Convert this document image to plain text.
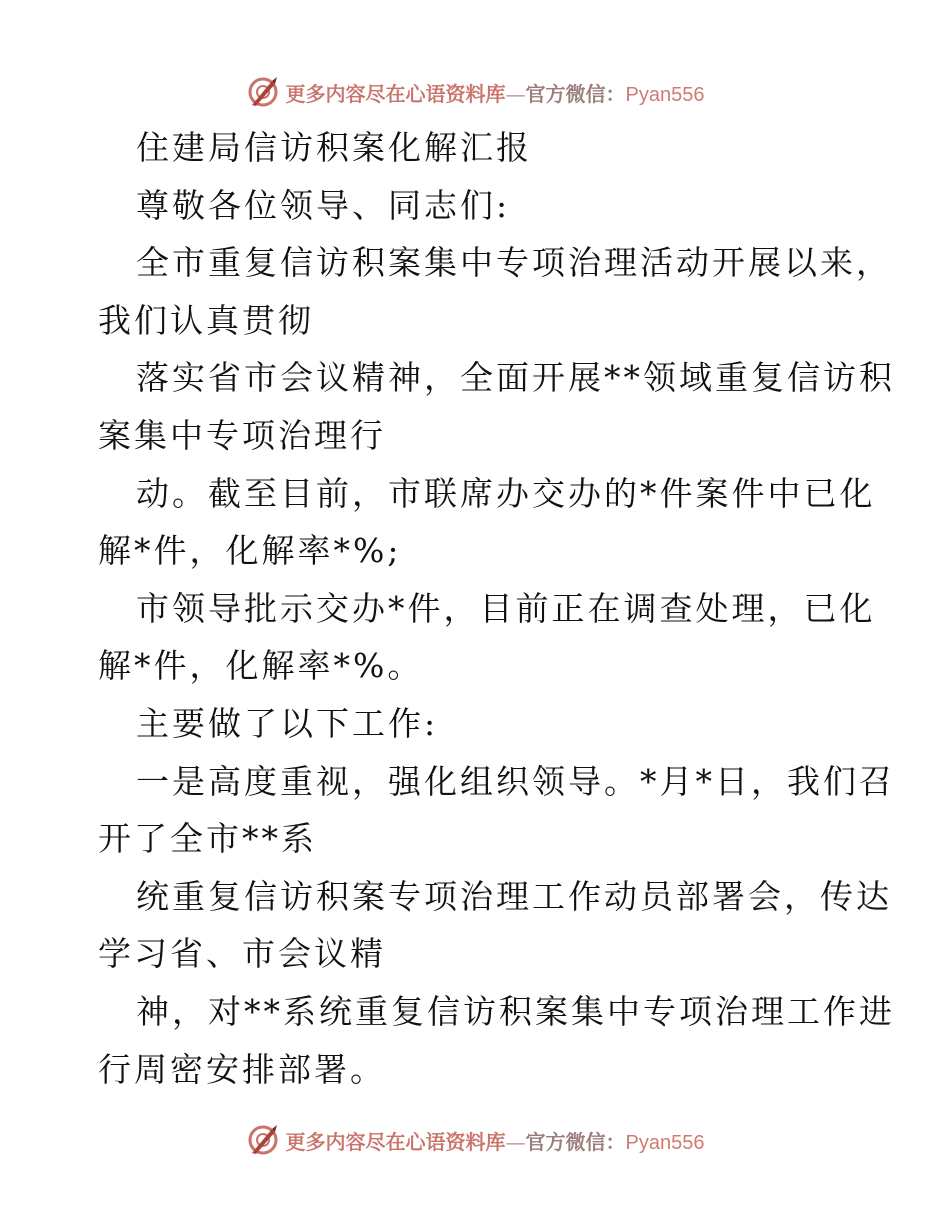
更多内容尽在心语资料库—官方微信：Pyan556
住建局信访积案化解汇报
尊敬各位领导、同志们:
全市重复信访积案集中专项治理活动开展以来，
我们认真贯彻
落实省市会议精神，全面开展**领域重复信访积
案集中专项治理行
动。截至目前，市联席办交办的*件案件中已化
解*件，化解率*%;
市领导批示交办*件，目前正在调查处理，已化
解*件，化解率*%。
主要做了以下工作:
一是高度重视，强化组织领导。*月*日，我们召
开了全市**系
统重复信访积案专项治理工作动员部署会，传达
学习省、市会议精
神，对**系统重复信访积案集中专项治理工作进
行周密安排部署。
更多内容尽在心语资料库—官方微信：Pyan556
